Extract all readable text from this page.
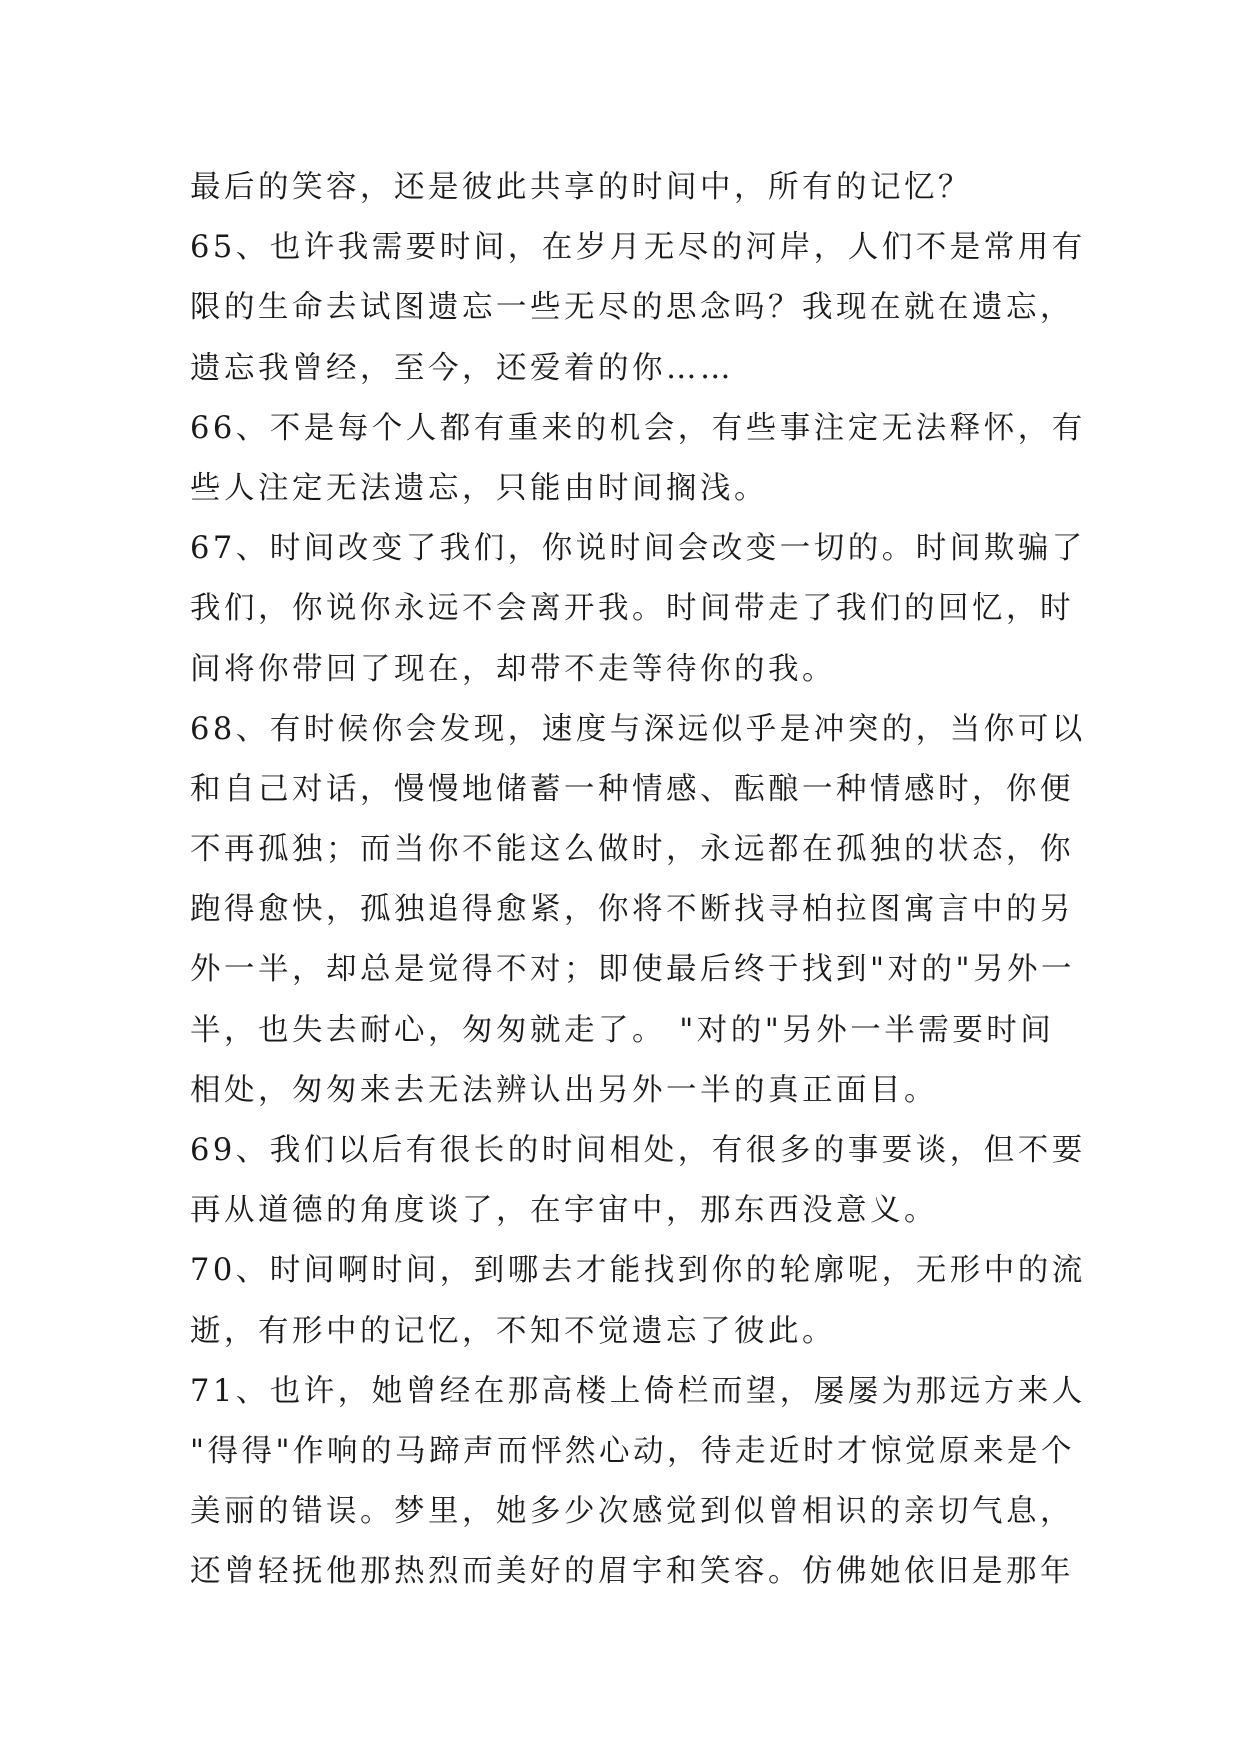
最后的笑容，还是彼此共享的时间中，所有的记忆？

65、也许我需要时间，在岁月无尽的河岸，人们不是常用有

限的生命去试图遗忘一些无尽的思念吗？我现在就在遗忘，

遗忘我曾经，至今，还爱着的你……

66、不是每个人都有重来的机会，有些事注定无法释怀，有

些人注定无法遗忘，只能由时间搁浅。

67、时间改变了我们，你说时间会改变一切的。时间欺骗了

我们，你说你永远不会离开我。时间带走了我们的回忆，时

间将你带回了现在，却带不走等待你的我。

68、有时候你会发现，速度与深远似乎是冲突的，当你可以

和自己对话，慢慢地储蓄一种情感、酝酿一种情感时，你便

不再孤独；而当你不能这么做时，永远都在孤独的状态，你

跑得愈快，孤独追得愈紧，你将不断找寻柏拉图寓言中的另

外一半，却总是觉得不对；即使最后终于找到"对的"另外一

半，也失去耐心，匆匆就走了。 "对的"另外一半需要时间

相处，匆匆来去无法辨认出另外一半的真正面目。

69、我们以后有很长的时间相处，有很多的事要谈，但不要

再从道德的角度谈了，在宇宙中，那东西没意义。

70、时间啊时间，到哪去才能找到你的轮廓呢，无形中的流

逝，有形中的记忆，不知不觉遗忘了彼此。

71、也许，她曾经在那高楼上倚栏而望，屡屡为那远方来人

"得得"作响的马蹄声而怦然心动，待走近时才惊觉原来是个

美丽的错误。梦里，她多少次感觉到似曾相识的亲切气息，

还曾轻抚他那热烈而美好的眉宇和笑容。仿佛她依旧是那年
